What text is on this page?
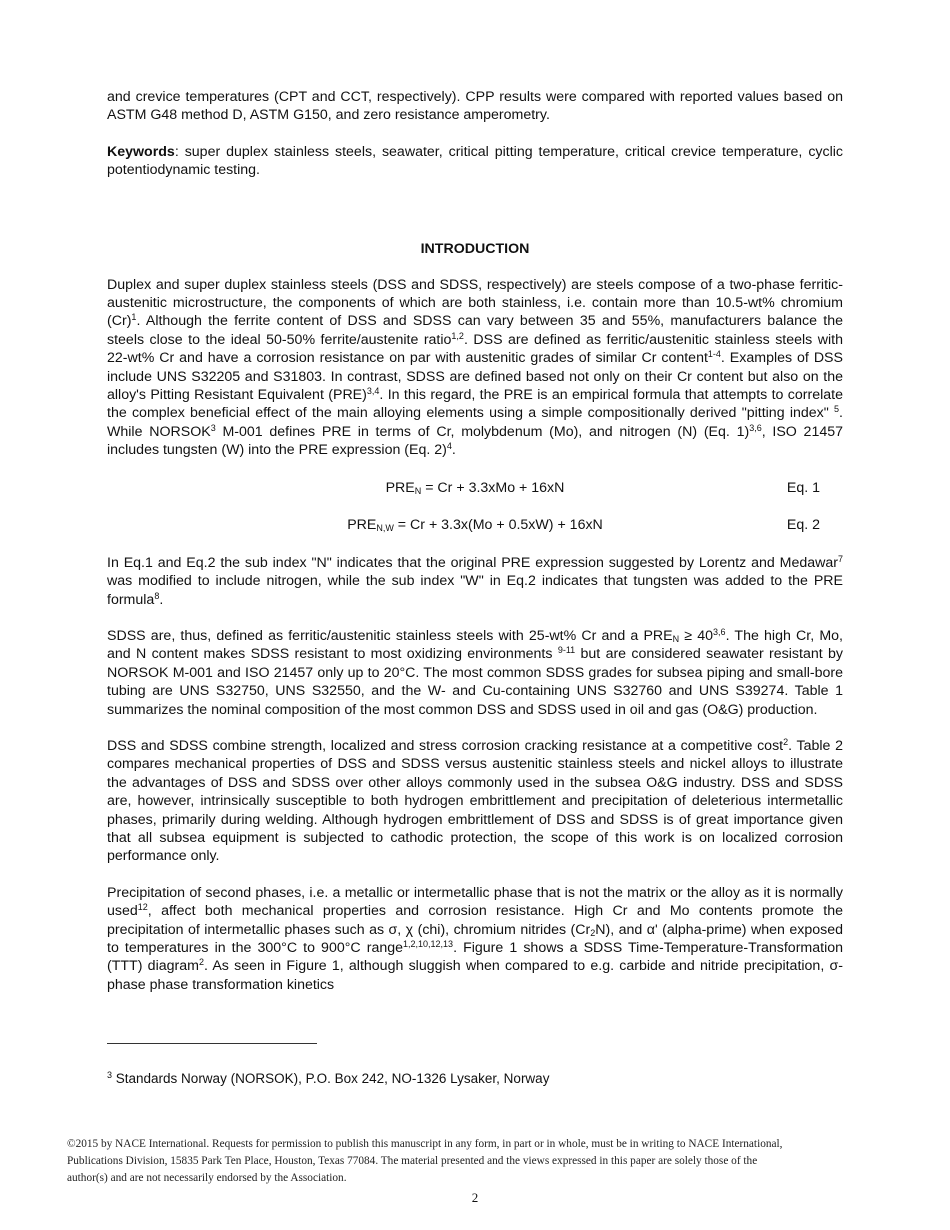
and crevice temperatures (CPT and CCT, respectively). CPP results were compared with reported values based on ASTM G48 method D, ASTM G150, and zero resistance amperometry.

Keywords: super duplex stainless steels, seawater, critical pitting temperature, critical crevice temperature, cyclic potentiodynamic testing.

INTRODUCTION

Duplex and super duplex stainless steels (DSS and SDSS, respectively) are steels compose of a two-phase ferritic-austenitic microstructure, the components of which are both stainless, i.e. contain more than 10.5-wt% chromium $(Cr)^1$. Although the ferrite content of DSS and SDSS can vary between 35 and 55%, manufacturers balance the steels close to the ideal 50-50% ferrite/austenite ratio$^{1,2}$. DSS are defined as ferritic/austenitic stainless steels with 22-wt% Cr and have a corrosion resistance on par with austenitic grades of similar Cr content$^{1-4}$. Examples of DSS include UNS S32205 and S31803. In contrast, SDSS are defined based not only on their Cr content but also on the alloy's Pitting Resistant Equivalent (PRE)$^{3,4}$. In this regard, the PRE is an empirical formula that attempts to correlate the complex beneficial effect of the main alloying elements using a simple compositionally derived "pitting index" $^5$. While NORSOK$^3$ M-001 defines PRE in terms of Cr, molybdenum (Mo), and nitrogen (N) (Eq. 1)$^{3,6}$, ISO 21457 includes tungsten (W) into the PRE expression (Eq. 2)$^4$.

$PRE_N = Cr + 3.3xMo + 16xN$	Eq. 1
$PRE_{N,W} = Cr + 3.3x(Mo + 0.5xW) + 16xN$	Eq. 2

In Eq.1 and Eq.2 the sub index "N" indicates that the original PRE expression suggested by Lorentz and Medawar$^7$ was modified to include nitrogen, while the sub index "W" in Eq.2 indicates that tungsten was added to the PRE formula$^8$.

SDSS are, thus, defined as ferritic/austenitic stainless steels with 25-wt% Cr and a $PRE_N \ge 40^{3,6}$. The high Cr, Mo, and N content makes SDSS resistant to most oxidizing environments $^{9-11}$ but are considered seawater resistant by NORSOK M-001 and ISO 21457 only up to 20°C. The most common SDSS grades for subsea piping and small-bore tubing are UNS S32750, UNS S32550, and the W- and Cu-containing UNS S32760 and UNS S39274. Table 1 summarizes the nominal composition of the most common DSS and SDSS used in oil and gas (O&G) production.

DSS and SDSS combine strength, localized and stress corrosion cracking resistance at a competitive cost$^2$. Table 2 compares mechanical properties of DSS and SDSS versus austenitic stainless steels and nickel alloys to illustrate the advantages of DSS and SDSS over other alloys commonly used in the subsea O&G industry. DSS and SDSS are, however, intrinsically susceptible to both hydrogen embrittlement and precipitation of deleterious intermetallic phases, primarily during welding. Although hydrogen embrittlement of DSS and SDSS is of great importance given that all subsea equipment is subjected to cathodic protection, the scope of this work is on localized corrosion performance only.

Precipitation of second phases, i.e. a metallic or intermetallic phase that is not the matrix or the alloy as it is normally used$^{12}$, affect both mechanical properties and corrosion resistance. High Cr and Mo contents promote the precipitation of intermetallic phases such as σ, χ (chi), chromium nitrides $(Cr_2N)$, and α' (alpha-prime) when exposed to temperatures in the 300°C to 900°C range$^{1,2,10,12,13}$. Figure 1 shows a SDSS Time-Temperature-Transformation (TTT) diagram$^2$. As seen in Figure 1, although sluggish when compared to e.g. carbide and nitride precipitation, σ-phase phase transformation kinetics

$^3$ Standards Norway (NORSOK), P.O. Box 242, NO-1326 Lysaker, Norway
©2015 by NACE International. Requests for permission to publish this manuscript in any form, in part or in whole, must be in writing to NACE International, Publications Division, 15835 Park Ten Place, Houston, Texas 77084. The material presented and the views expressed in this paper are solely those of the author(s) and are not necessarily endorsed by the Association.
2
